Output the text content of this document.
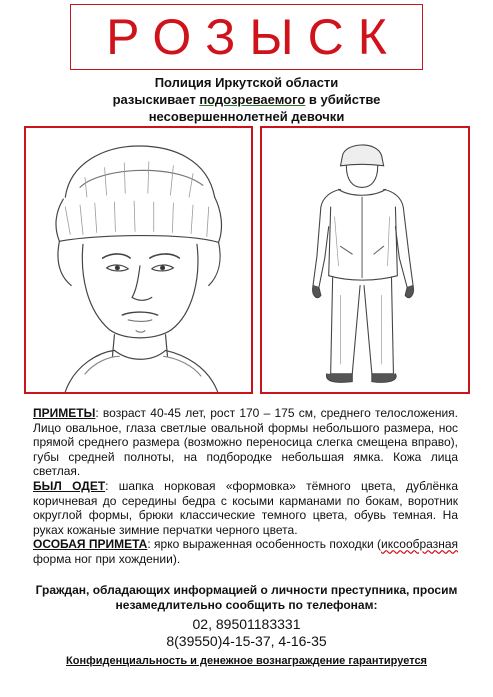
РОЗЫСК
Полиция Иркутской области
разыскивает подозреваемого в убийстве
несовершеннолетней девочки

ПРИМЕТЫ: возраст 40-45 лет, рост 170 – 175 см, среднего телосложения. Лицо овальное, глаза светлые овальной формы небольшого размера, нос прямой среднего размера (возможно переносица слегка смещена вправо), губы средней полноты, на подбородке небольшая ямка. Кожа лица светлая.

БЫЛ ОДЕТ: шапка норковая «формовка» тёмного цвета, дублёнка коричневая до середины бедра с косыми карманами по бокам, воротник округлой формы, брюки классические темного цвета, обувь темная. На руках кожаные зимние перчатки черного цвета.

ОСОБАЯ ПРИМЕТА: ярко выраженная особенность походки (иксообразная форма ног при хождении).

Граждан, обладающих информацией о личности преступника, просим
незамедлительно сообщить по телефонам:
02, 89501183331
8(39550)4-15-37, 4-16-35
Конфиденциальность и денежное вознаграждение гарантируется
